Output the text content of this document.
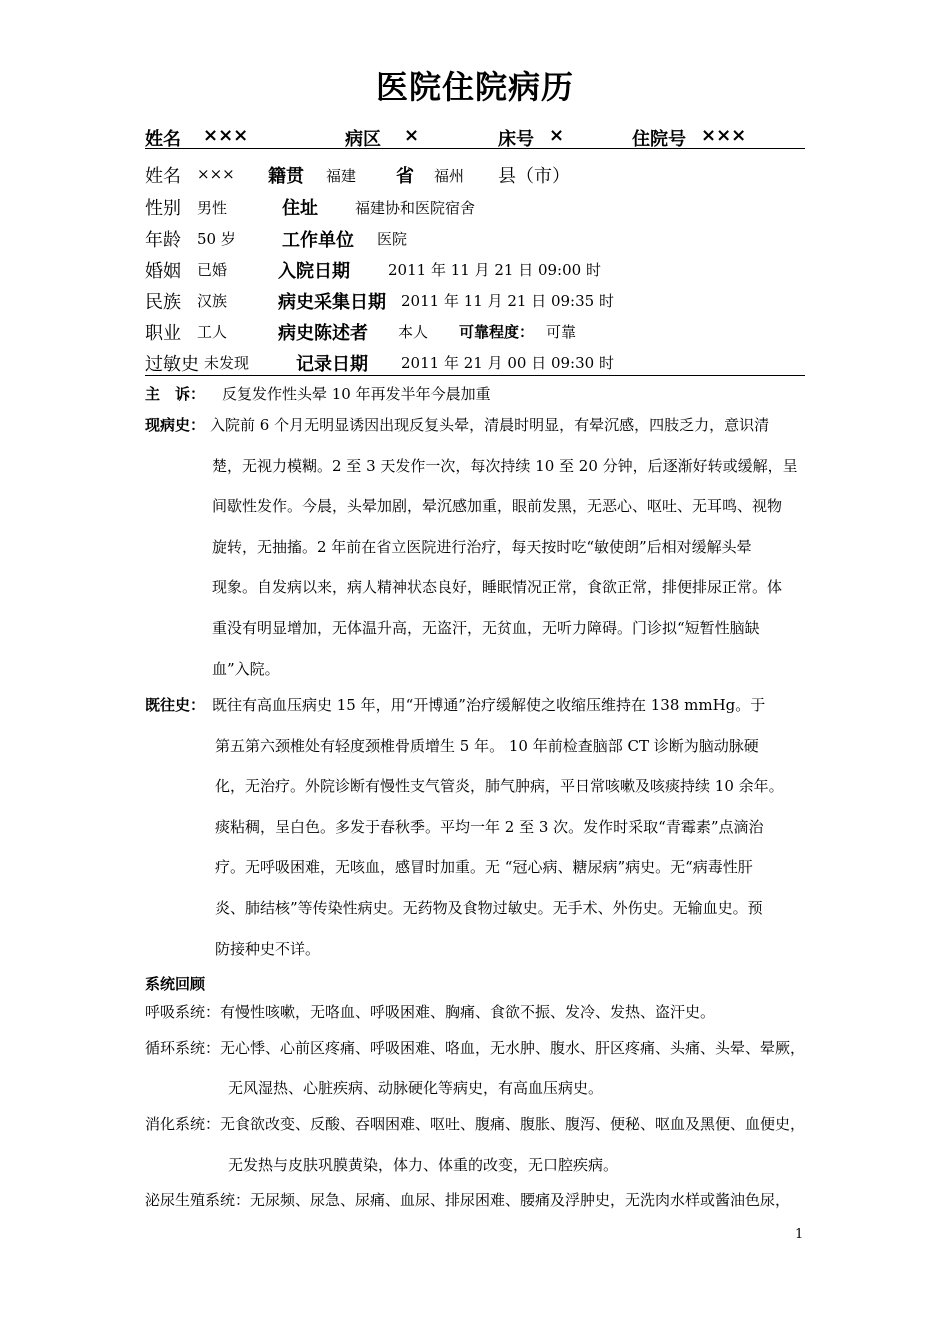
医院住院病历
姓名 ×××	病区 ×	床号 ×	住院号 ×××
姓名 ××× 籍贯 福建 省 福州 县（市）
性别 男性	住址 福建协和医院宿舍
年龄 50 岁	工作单位 医院
婚姻 已婚	入院日期	2011 年 11 月 21 日 09:00 时
民族 汉族	病史采集日期 2011 年 11 月 21 日 09:35 时
职业 工人	病史陈述者 本人 可靠程度： 可靠
过敏史 未发现	记录日期 2011 年 21 月 00 日 09:30 时
主　诉： 反复发作性头晕 10 年再发半年今晨加重
现病史： 入院前 6 个月无明显诱因出现反复头晕，清晨时明显，有晕沉感，四肢乏力，意识清
楚，无视力模糊。2 至 3 天发作一次，每次持续 10 至 20 分钟，后逐渐好转或缓解，呈
间歇性发作。今晨，头晕加剧，晕沉感加重，眼前发黑，无恶心、呕吐、无耳鸣、视物
旋转，无抽搐。2 年前在省立医院进行治疗，每天按时吃“敏使朗”后相对缓解头晕
现象。自发病以来，病人精神状态良好，睡眠情况正常，食欲正常，排便排尿正常。体
重没有明显增加，无体温升高，无盗汗，无贫血，无听力障碍。门诊拟“短暂性脑缺
血”入院。
既往史： 既往有高血压病史 15 年，用“开博通”治疗缓解使之收缩压维持在 138 mmHg。于
第五第六颈椎处有轻度颈椎骨质增生 5 年。 10 年前检查脑部 CT 诊断为脑动脉硬
化，无治疗。外院诊断有慢性支气管炎，肺气肿病，平日常咳嗽及咳痰持续 10 余年。
痰粘稠，呈白色。多发于春秋季。平均一年 2 至 3 次。发作时采取“青霉素”点滴治
疗。无呼吸困难，无咳血，感冒时加重。无 “冠心病、糖尿病”病史。无“病毒性肝
炎、肺结核”等传染性病史。无药物及食物过敏史。无手术、外伤史。无输血史。预
防接种史不详。
系统回顾
呼吸系统：有慢性咳嗽，无咯血、呼吸困难、胸痛、食欲不振、发冷、发热、盗汗史。
循环系统：无心悸、心前区疼痛、呼吸困难、咯血，无水肿、腹水、肝区疼痛、头痛、头晕、晕厥，
无风湿热、心脏疾病、动脉硬化等病史，有高血压病史。
消化系统：无食欲改变、反酸、吞咽困难、呕吐、腹痛、腹胀、腹泻、便秘、呕血及黑便、血便史，
无发热与皮肤巩膜黄染，体力、体重的改变，无口腔疾病。
泌尿生殖系统：无尿频、尿急、尿痛、血尿、排尿困难、腰痛及浮肿史，无洗肉水样或酱油色尿，
1
